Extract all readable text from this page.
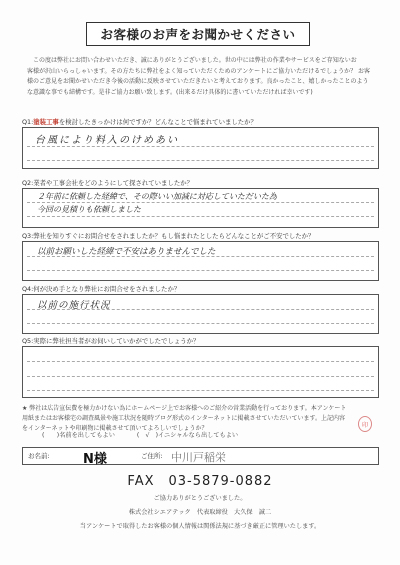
お客様のお声をお聞かせください

この度は弊社にお問い合わせいただき、誠にありがとうございました。世の中には弊社の作業やサービスをご存知ないお

客様が沢山いらっしゃいます。その方たちに弊社をよく知っていただくためのアンケートにご協力いただけるでしょうか？ お客

様のご意見をお聞かせいただき今後の活動に反映させていただきたいと考えております。良かったこと、嬉しかったことのよう

な意識な事でも結構です。是非ご協力お願い致します。(出来るだけ具体的に書いていただければ幸いです)

Q1:塗装工事を検討したきっかけは何ですか？どんなことで悩まれていましたか？
台風により料入のけめあい
Q2:業者や工事会社をどのようにして探されていましたか？
２年前に依頼した経緯で、その際いい加減に対応していただいた為
今回の見積りも依頼しました
Q3:弊社を知りすぐにお問合せをされましたか？もし悩まれたとしたらどんなことがご不安でしたか？
以前お願いした経緯で不安はありませんでした
Q4:何が決め手となり弊社にお問合せをされましたか？
以前の施行状況
Q5:実際に弊社担当者がお伺いしていかがでしたでしょうか？

★ 弊社は広告宣伝費を極力かけない為にホームページ上でお客様へのご紹介の営業活動を行っております。本アンケート

用紙またはお客様宅の調査風景や施工状況を随時ブログ形式のインターネットに掲載させていただいています。上記内容

をインターネットや印刷物に掲載させて頂いてよろしいでしょうか？

(　　)名前を出してもよい	(　√　)イニシャルなら出してもよい
印
お名前:	N様	ご住所: 中川戸稲栄
FAX　03-5879-0882
ご協力ありがとうございました。
株式会社シエアテック　代表取締役　大久保　誠二
当アンケートで取得したお客様の個人情報は関係法規に基づき厳正に管理いたします。
